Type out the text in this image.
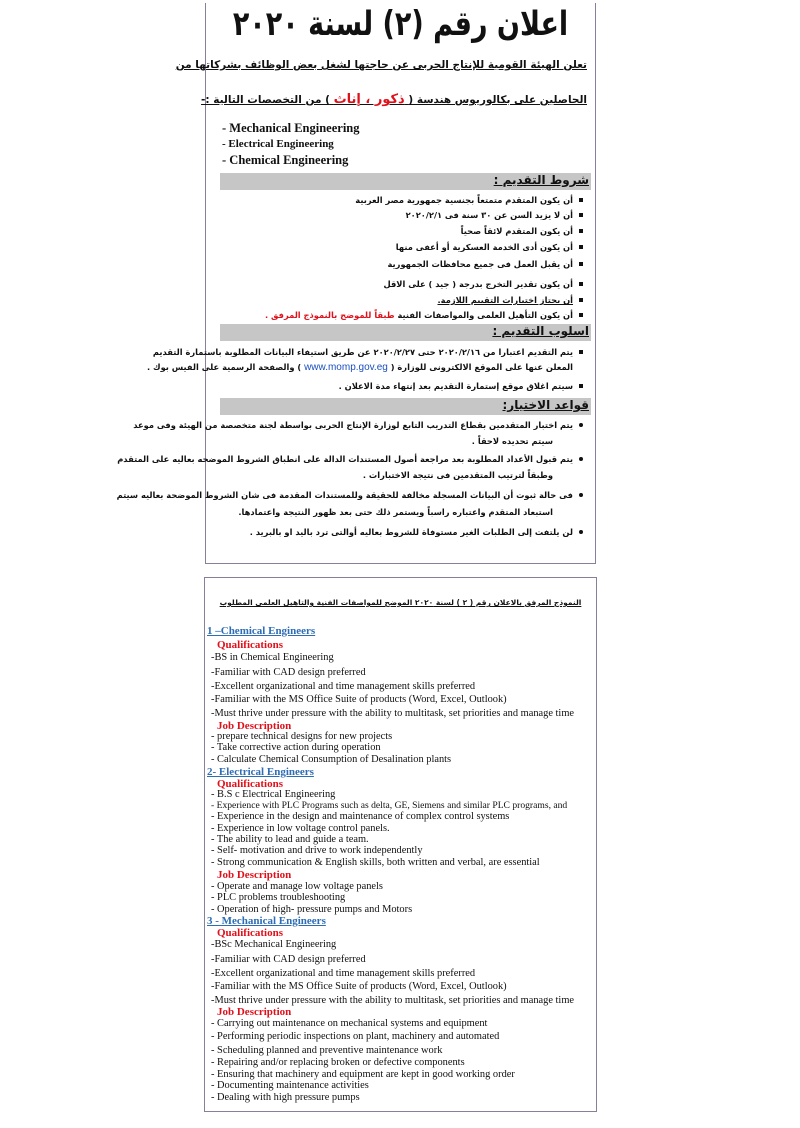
اعلان رقم (٢) لسنة ٢٠٢٠
تعلن الهيئة القومية للإنتاج الحربى عن حاجتها لشغل بعض الوظائف بشركاتها من
الحاصلين على بكالوريوس هندسة ( ذكور ، إناث ) من التخصصات التالية :-
- Mechanical Engineering
- Electrical Engineering
- Chemical Engineering
شروط التقديم :
أن يكون المتقدم متمتعاً بجنسية جمهورية مصر العربية
أن لا يزيد السن عن ٣٠ سنة فى ٢٠٢٠/٢/١
أن يكون المتقدم لائقاً صحياً
أن يكون أدى الخدمة العسكرية أو أعفى منها
أن يقبل العمل فى جميع محافظات الجمهورية
أن يكون تقدير التخرج بدرجة ( جيد ) على الاقل
أن يجتاز اختبارات التقييم اللازمة.
أن يكون التأهيل العلمى والمواصفات الفنية طبقاً للموضح بالنموذج المرفق .
اسلوب التقديم :
يتم التقديم اعتبارا من ٢٠٢٠/٢/١٦ حتى ٢٠٢٠/٢/٢٧ عن طريق استيفاء البيانات المطلوبة باستمارة التقديم
المعلن عنها على الموقع الالكترونى للوزارة ( www.momp.gov.eg ) والصفحة الرسمية على الفيس بوك .
سيتم اغلاق موقع إستمارة التقديم بعد إنتهاء مدة الاعلان .
قواعد الاختيار:
يتم اختبار المتقدمين بقطاع التدريب التابع لوزارة الإنتاج الحربى بواسطة لجنة متخصصة من الهيئة وفى موعد
سيتم تحديده لاحقاً .
يتم قبول الأعداد المطلوبة بعد مراجعة أصول المستندات الدالة على انطباق الشروط الموضحه بعاليه على المتقدم
وطبقاً لترتيب المتقدمين فى نتيجة الاختبارات .
فى حالة ثبوت أن البيانات المسجلة مخالفة للحقيقة وللمستندات المقدمة فى شان الشروط الموضحة بعاليه سيتم
استبعاد المتقدم واعتباره راسباً ويستمر ذلك حتى بعد ظهور النتيجة واعتمادها.
لن يلتفت إلى الطلبات الغير مستوفاة للشروط بعاليه أوالتى ترد باليد او بالبريد .
النموذج المرفق بالاعلان رقم ( ٢ ) لسنة ٢٠٢٠ الموضح للمواصفات الفنية والتاهيل العلمى المطلوب
1 –Chemical Engineers
Qualifications
-BS in Chemical Engineering
-Familiar with CAD design preferred
-Excellent organizational and time management skills preferred
-Familiar with the MS Office Suite of products (Word, Excel, Outlook)
-Must thrive under pressure with the ability to multitask, set priorities and manage time
Job Description
- prepare technical designs for new projects
- Take corrective action during operation
- Calculate Chemical Consumption of Desalination plants
2- Electrical Engineers
Qualifications
- B.S c Electrical Engineering
- Experience with PLC Programs such as delta, GE, Siemens and similar PLC programs, and
- Experience in the design and maintenance of complex control systems
- Experience in low voltage control panels.
- The ability to lead and guide a team.
- Self- motivation and drive to work independently
- Strong communication & English skills, both written and verbal, are essential
Job Description
- Operate and manage low voltage panels
- PLC problems troubleshooting
- Operation of high- pressure pumps and Motors
3 - Mechanical Engineers
Qualifications
-BSc Mechanical Engineering
-Familiar with CAD design preferred
-Excellent organizational and time management skills preferred
-Familiar with the MS Office Suite of products (Word, Excel, Outlook)
-Must thrive under pressure with the ability to multitask, set priorities and manage time
Job Description
- Carrying out maintenance on mechanical systems and equipment
- Performing periodic inspections on plant, machinery and automated
- Scheduling planned and preventive maintenance work
- Repairing and/or replacing broken or defective components
- Ensuring that machinery and equipment are kept in good working order
- Documenting maintenance activities
- Dealing with high pressure pumps
